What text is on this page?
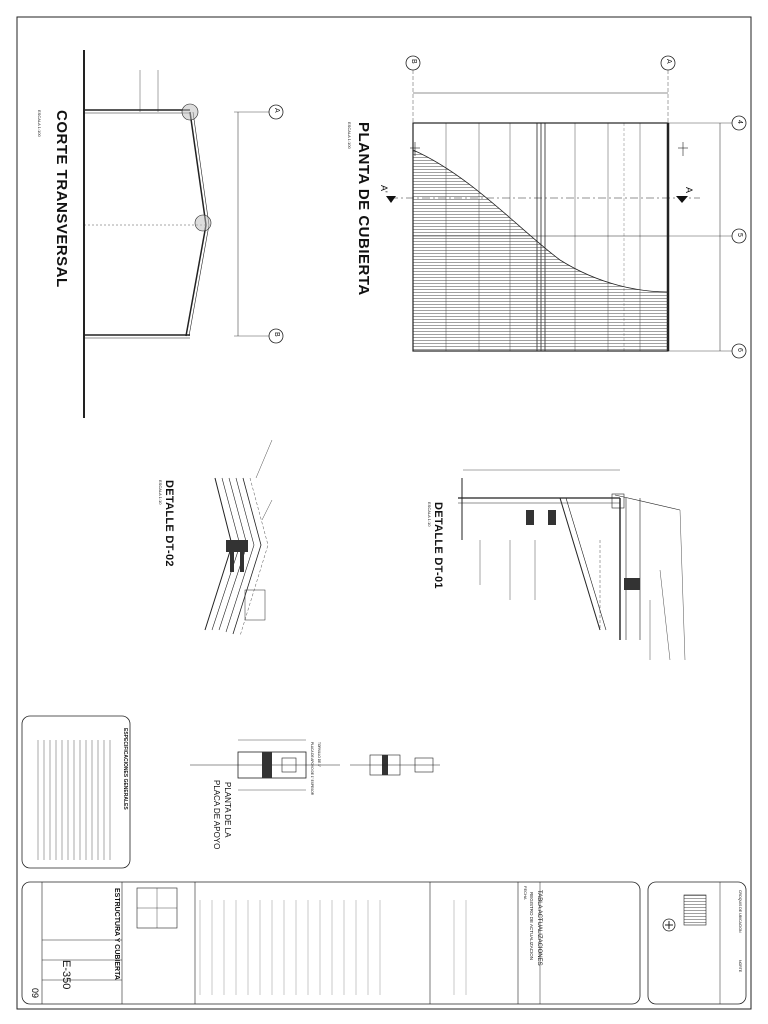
CORTE TRANSVERSAL
ESCALA 1:100	PLANTA DE CUBIERTA
ESCALA 1:100
A'	A
DETALLE DT-01
ESCALA 1:10
DETALLE DT-02
ESCALA 1:10
PLANTA DE LA
PLACA DE APOYO
TORNILLO DE 1"
PLACA DE APOYO DE 1" ESPESOR
A
B
B	A
4
5
6
ESPECIFICACIONES GENERALES
TABLA ACTUALIZACIONES
REGISTRO DE ACTUALIZACION
FECHA
ESTRUCTURA Y CUBIERTA
E-350
09
CROQUIS DE UBICACION
NORTE
